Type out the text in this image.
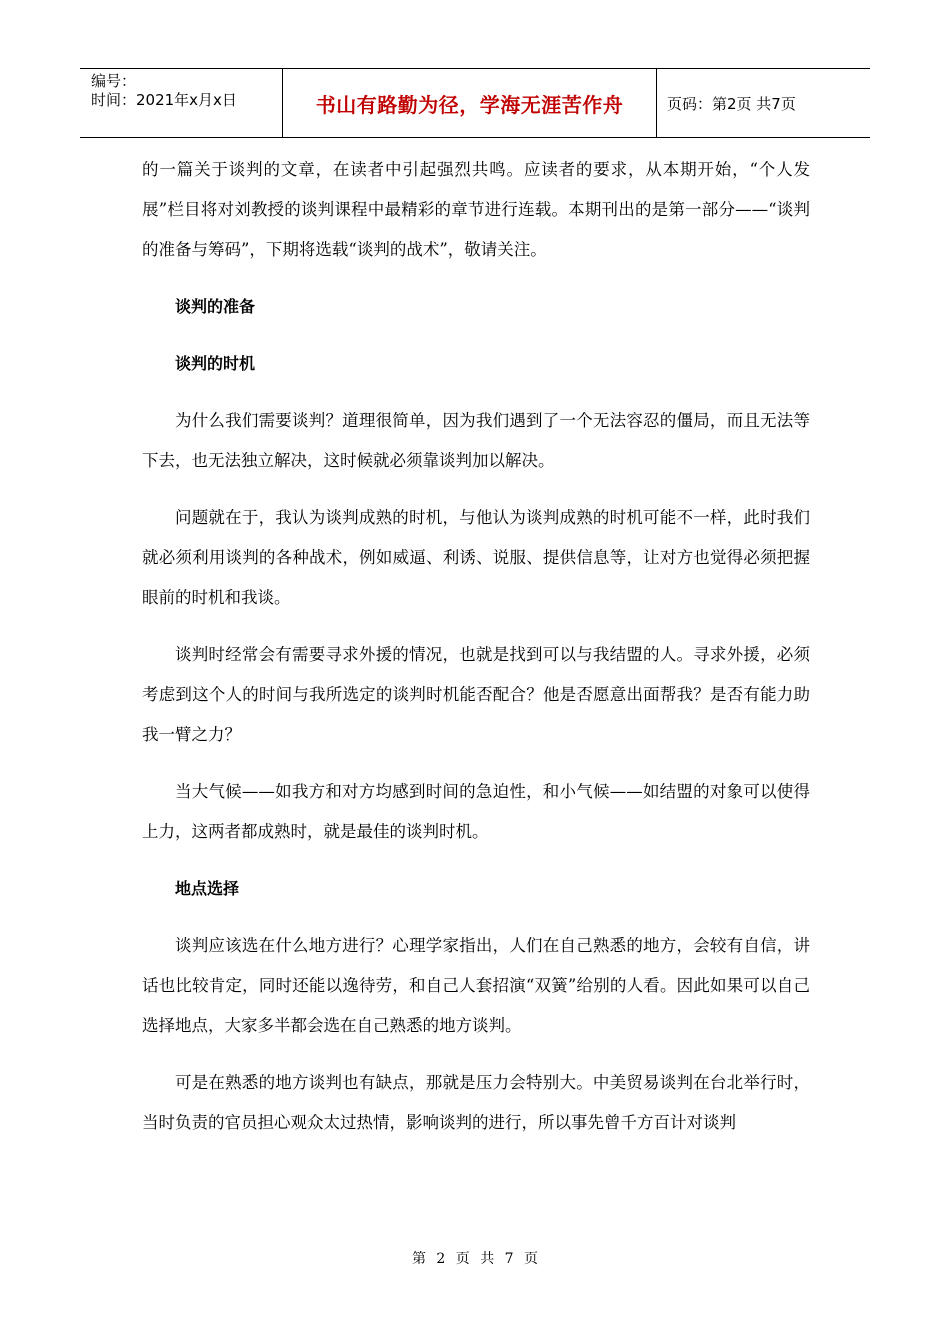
编号：
时间：2021年x月x日	书山有路勤为径，学海无涯苦作舟	页码：第2页 共7页

的一篇关于谈判的文章，在读者中引起强烈共鸣。应读者的要求，从本期开始，“个人发展”栏目将对刘教授的谈判课程中最精彩的章节进行连载。本期刊出的是第一部分——“谈判的准备与筹码”，下期将选载“谈判的战术”，敬请关注。

谈判的准备
谈判的时机

为什么我们需要谈判？道理很简单，因为我们遇到了一个无法容忍的僵局，而且无法等下去，也无法独立解决，这时候就必须靠谈判加以解决。

问题就在于，我认为谈判成熟的时机，与他认为谈判成熟的时机可能不一样，此时我们就必须利用谈判的各种战术，例如威逼、利诱、说服、提供信息等，让对方也觉得必须把握眼前的时机和我谈。

谈判时经常会有需要寻求外援的情况，也就是找到可以与我结盟的人。寻求外援，必须考虑到这个人的时间与我所选定的谈判时机能否配合？他是否愿意出面帮我？是否有能力助我一臂之力？

当大气候——如我方和对方均感到时间的急迫性，和小气候——如结盟的对象可以使得上力，这两者都成熟时，就是最佳的谈判时机。

地点选择

谈判应该选在什么地方进行？心理学家指出，人们在自己熟悉的地方，会较有自信，讲话也比较肯定，同时还能以逸待劳，和自己人套招演“双簧”给别的人看。因此如果可以自己选择地点，大家多半都会选在自己熟悉的地方谈判。

可是在熟悉的地方谈判也有缺点，那就是压力会特别大。中美贸易谈判在台北举行时，当时负责的官员担心观众太过热情，影响谈判的进行，所以事先曾千方百计对谈判

第 2 页 共 7 页
